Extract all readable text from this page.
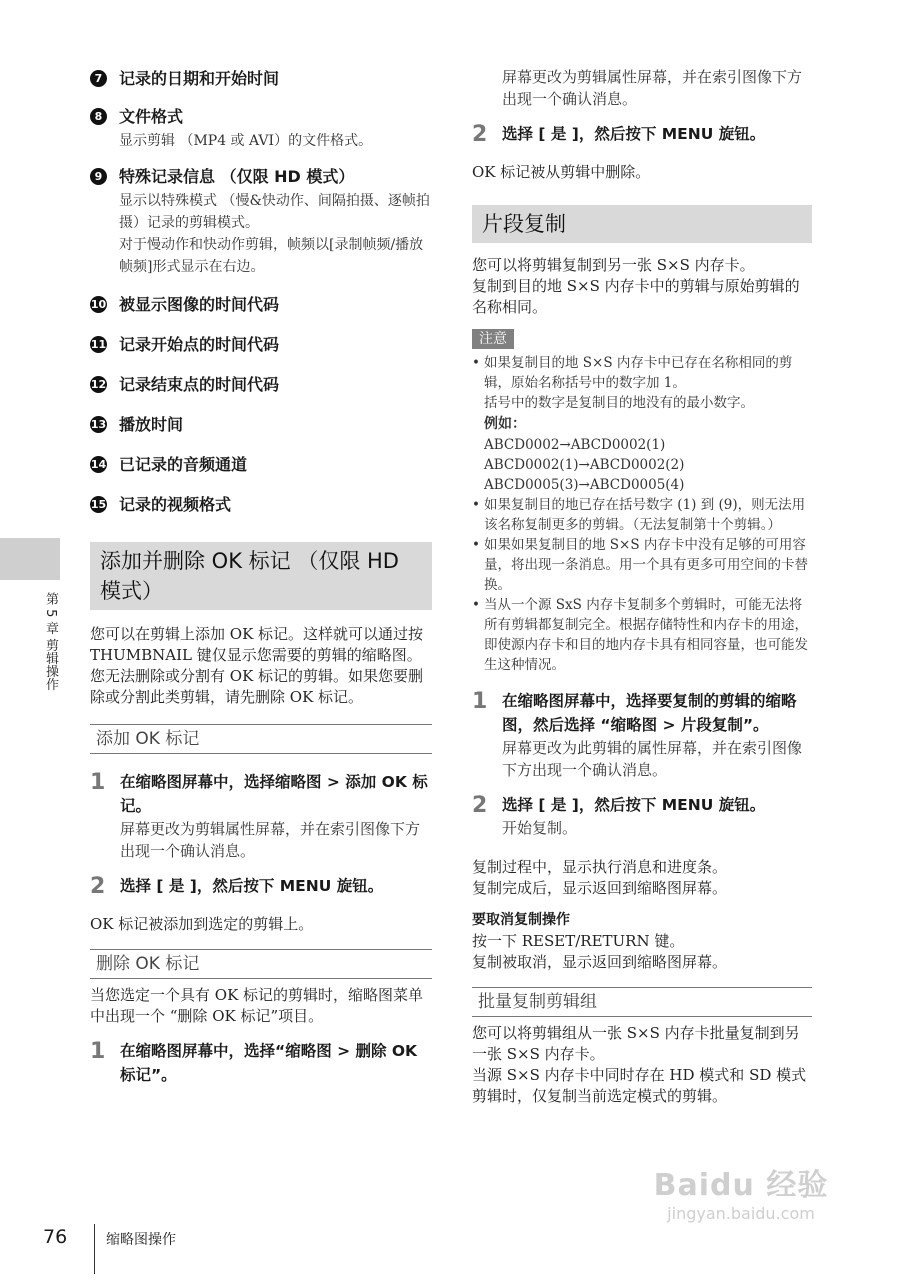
7 记录的日期和开始时间
8 文件格式
显示剪辑 （MP4 或 AVI）的文件格式。
9 特殊记录信息 （仅限 HD 模式）
显示以特殊模式 （慢&快动作、间隔拍摄、逐帧拍摄）记录的剪辑模式。
对于慢动作和快动作剪辑，帧频以[录制帧频/播放帧频]形式显示在右边。
10 被显示图像的时间代码
11 记录开始点的时间代码
12 记录结束点的时间代码
13 播放时间
14 已记录的音频通道
15 记录的视频格式
添加并删除 OK 标记 （仅限 HD 模式）
您可以在剪辑上添加 OK 标记。这样就可以通过按 THUMBNAIL 键仅显示您需要的剪辑的缩略图。
您无法删除或分割有 OK 标记的剪辑。如果您要删除或分割此类剪辑，请先删除 OK 标记。
添加 OK 标记
1 在缩略图屏幕中，选择缩略图 > 添加 OK 标记。
屏幕更改为剪辑属性屏幕，并在索引图像下方出现一个确认消息。
2 选择 [ 是 ]，然后按下 MENU 旋钮。
OK 标记被添加到选定的剪辑上。
删除 OK 标记
当您选定一个具有 OK 标记的剪辑时，缩略图菜单中出现一个 “删除 OK 标记”项目。
1 在缩略图屏幕中，选择“缩略图 > 删除 OK 标记”。
屏幕更改为剪辑属性屏幕，并在索引图像下方出现一个确认消息。
2 选择 [ 是 ]，然后按下 MENU 旋钮。
OK 标记被从剪辑中删除。
片段复制
您可以将剪辑复制到另一张 S×S 内存卡。
复制到目的地 S×S 内存卡中的剪辑与原始剪辑的名称相同。
注意
• 如果复制目的地 S×S 内存卡中已存在名称相同的剪辑，原始名称括号中的数字加 1。
括号中的数字是复制目的地没有的最小数字。
例如：
ABCD0002→ABCD0002(1)
ABCD0002(1)→ABCD0002(2)
ABCD0005(3)→ABCD0005(4)
• 如果复制目的地已存在括号数字 (1) 到 (9)，则无法用该名称复制更多的剪辑。（无法复制第十个剪辑。）
• 如果如果复制目的地 S×S 内存卡中没有足够的可用容量，将出现一条消息。用一个具有更多可用空间的卡替换。
• 当从一个源 SxS 内存卡复制多个剪辑时，可能无法将所有剪辑都复制完全。根据存储特性和内存卡的用途，即使源内存卡和目的地内存卡具有相同容量，也可能发生这种情况。
1 在缩略图屏幕中，选择要复制的剪辑的缩略图，然后选择 “缩略图 > 片段复制”。
屏幕更改为此剪辑的属性屏幕，并在索引图像下方出现一个确认消息。
2 选择 [ 是 ]，然后按下 MENU 旋钮。
开始复制。
复制过程中，显示执行消息和进度条。
复制完成后，显示返回到缩略图屏幕。
要取消复制操作
按一下 RESET/RETURN 键。
复制被取消，显示返回到缩略图屏幕。
批量复制剪辑组
您可以将剪辑组从一张 S×S 内存卡批量复制到另一张 S×S 内存卡。
当源 S×S 内存卡中同时存在 HD 模式和 SD 模式剪辑时，仅复制当前选定模式的剪辑。
第 5 章 剪辑操作
76	缩略图操作
Baidu 经验
jingyan.baidu.com
